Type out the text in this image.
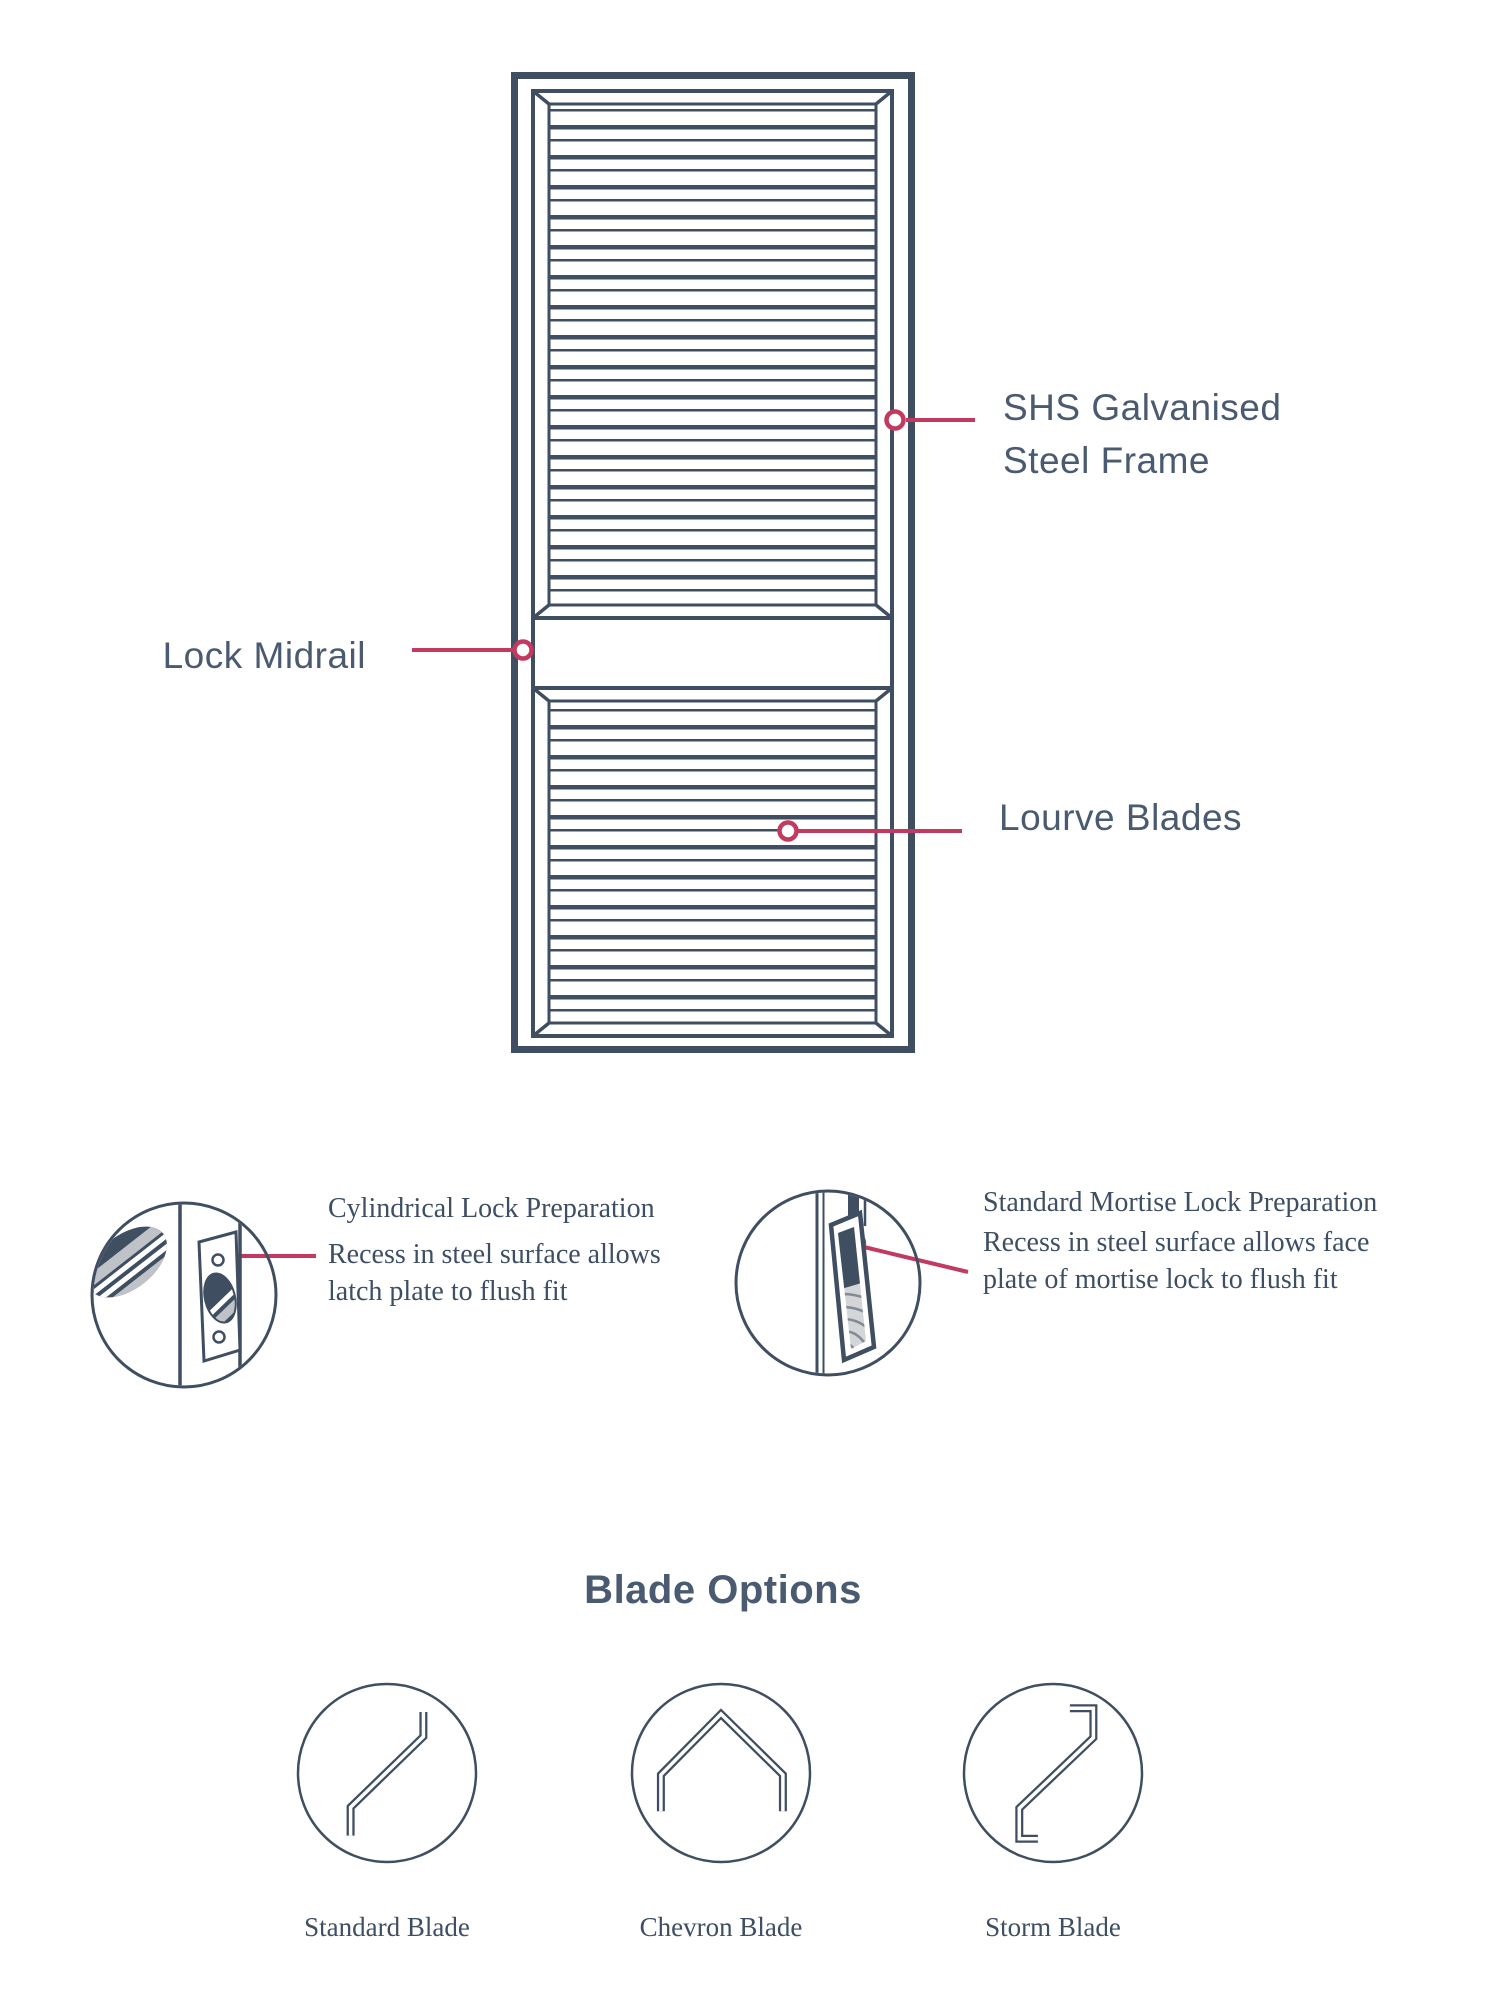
SHS Galvanised Steel Frame
Lock Midrail
Lourve Blades
Cylindrical Lock Preparation
Recess in steel surface allows latch plate to flush fit
Standard Mortise Lock Preparation
Recess in steel surface allows face plate of mortise lock to flush fit
Blade Options
Standard Blade	Chevron Blade	Storm Blade
